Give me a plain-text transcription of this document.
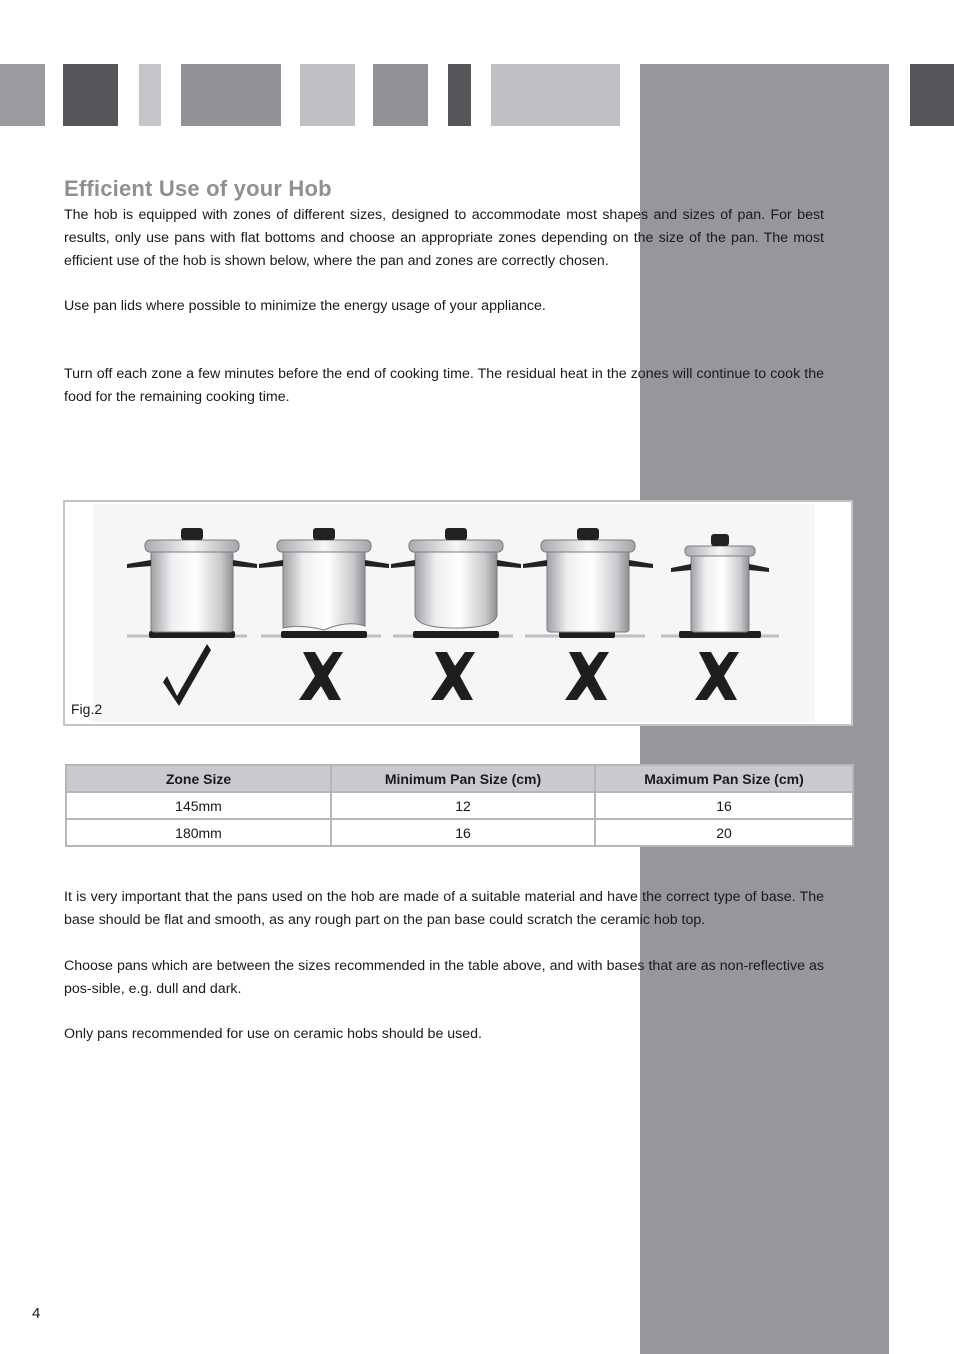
Efficient Use of your Hob

The hob is equipped with zones of different sizes, designed to accommodate most shapes and sizes of pan. For best results, only use pans with flat bottoms and choose an appropriate zones depending on the size of the pan. The most efficient use of the hob is shown below, where the pan and zones are correctly chosen.

Use pan lids where possible to minimize the energy usage of your appliance.

Turn off each zone a few minutes before the end of cooking time. The residual heat in the zones will continue to cook the food for the remaining cooking time.

Fig.2
Zone Size	Minimum Pan Size (cm)	Maximum Pan Size (cm)
145mm	12	16
180mm	16	20

It is very important that the pans used on the hob are made of a suitable material and have the correct type of base. The base should be flat and smooth, as any rough part on the pan base could scratch the ceramic hob top.

Choose pans which are between the sizes recommended in the table above, and with bases that are as non-reflective as pos-sible, e.g. dull and dark.

Only pans recommended for use on ceramic hobs should be used.

4
